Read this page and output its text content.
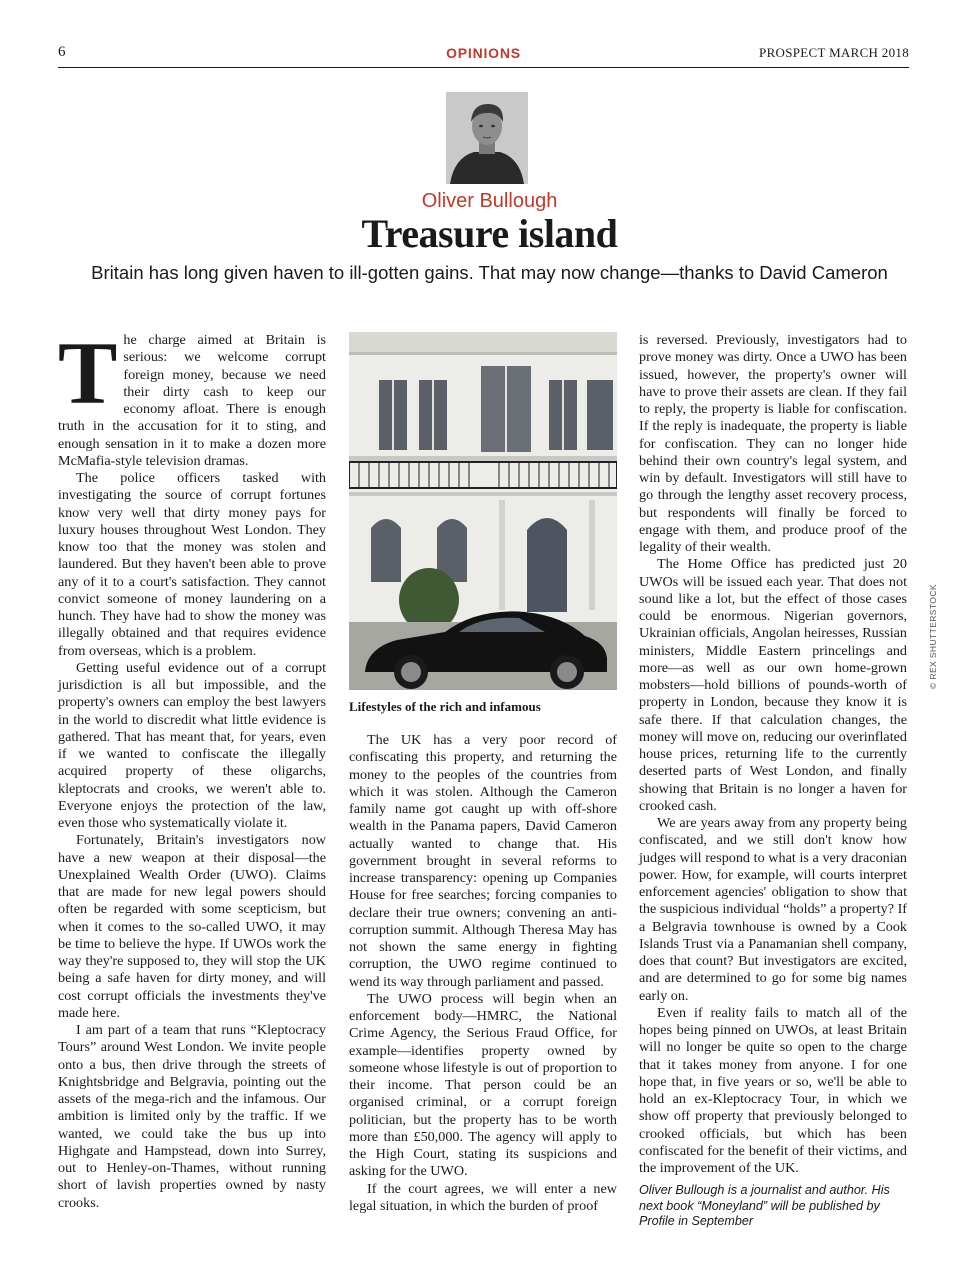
6	OPINIONS	PROSPECT MARCH 2018
Oliver Bullough
Treasure island
Britain has long given haven to ill-gotten gains. That may now change—thanks to David Cameron
T he charge aimed at Britain is serious: we welcome corrupt foreign money, because we need their dirty cash to keep our economy afloat. There is enough truth in the accusation for it to sting, and enough sensation in it to make a dozen more McMafia-style television dramas.

The police officers tasked with investigating the source of corrupt fortunes know very well that dirty money pays for luxury houses throughout West London. They know too that the money was stolen and laundered. But they haven't been able to prove any of it to a court's satisfaction. They cannot convict someone of money laundering on a hunch. They have had to show the money was illegally obtained and that requires evidence from overseas, which is a problem.

Getting useful evidence out of a corrupt jurisdiction is all but impossible, and the property's owners can employ the best lawyers in the world to discredit what little evidence is gathered. That has meant that, for years, even if we wanted to confiscate the illegally acquired property of these oligarchs, kleptocrats and crooks, we weren't able to. Everyone enjoys the protection of the law, even those who systematically violate it.

Fortunately, Britain's investigators now have a new weapon at their disposal—the Unexplained Wealth Order (UWO). Claims that are made for new legal powers should often be regarded with some scepticism, but when it comes to the so-called UWO, it may be time to believe the hype. If UWOs work the way they're supposed to, they will stop the UK being a safe haven for dirty money, and will cost corrupt officials the investments they've made here.

I am part of a team that runs “Kleptocracy Tours” around West London. We invite people onto a bus, then drive through the streets of Knightsbridge and Belgravia, pointing out the assets of the mega-rich and the infamous. Our ambition is limited only by the traffic. If we wanted, we could take the bus up into Highgate and Hampstead, down into Surrey, out to Henley-on-Thames, without running short of lavish properties owned by nasty crooks.

Lifestyles of the rich and infamous
© REX SHUTTERSTOCK

The UK has a very poor record of confiscating this property, and returning the money to the peoples of the countries from which it was stolen. Although the Cameron family name got caught up with off-shore wealth in the Panama papers, David Cameron actually wanted to change that. His government brought in several reforms to increase transparency: opening up Companies House for free searches; forcing companies to declare their true owners; convening an anti-corruption summit. Although Theresa May has not shown the same energy in fighting corruption, the UWO regime continued to wend its way through parliament and passed.

The UWO process will begin when an enforcement body—HMRC, the National Crime Agency, the Serious Fraud Office, for example—identifies property owned by someone whose lifestyle is out of proportion to their income. That person could be an organised criminal, or a corrupt foreign politician, but the property has to be worth more than £50,000. The agency will apply to the High Court, stating its suspicions and asking for the UWO.

If the court agrees, we will enter a new legal situation, in which the burden of proof

is reversed. Previously, investigators had to prove money was dirty. Once a UWO has been issued, however, the property's owner will have to prove their assets are clean. If they fail to reply, the property is liable for confiscation. If the reply is inadequate, the property is liable for confiscation. They can no longer hide behind their own country's legal system, and win by default. Investigators will still have to go through the lengthy asset recovery process, but respondents will finally be forced to engage with them, and produce proof of the legality of their wealth.

The Home Office has predicted just 20 UWOs will be issued each year. That does not sound like a lot, but the effect of those cases could be enormous. Nigerian governors, Ukrainian officials, Angolan heiresses, Russian ministers, Middle Eastern princelings and more—as well as our own home-grown mobsters—hold billions of pounds-worth of property in London, because they know it is safe there. If that calculation changes, the money will move on, reducing our overinflated house prices, returning life to the currently deserted parts of West London, and finally showing that Britain is no longer a haven for crooked cash.

We are years away from any property being confiscated, and we still don't know how judges will respond to what is a very draconian power. How, for example, will courts interpret enforcement agencies' obligation to show that the suspicious individual “holds” a property? If a Belgravia townhouse is owned by a Cook Islands Trust via a Panamanian shell company, does that count? But investigators are excited, and are determined to go for some big names early on.

Even if reality fails to match all of the hopes being pinned on UWOs, at least Britain will no longer be quite so open to the charge that it takes money from anyone. I for one hope that, in five years or so, we'll be able to hold an ex-Kleptocracy Tour, in which we show off property that previously belonged to crooked officials, but which has been confiscated for the benefit of their victims, and the improvement of the UK.

Oliver Bullough is a journalist and author. His next book “Moneyland” will be published by Profile in September
